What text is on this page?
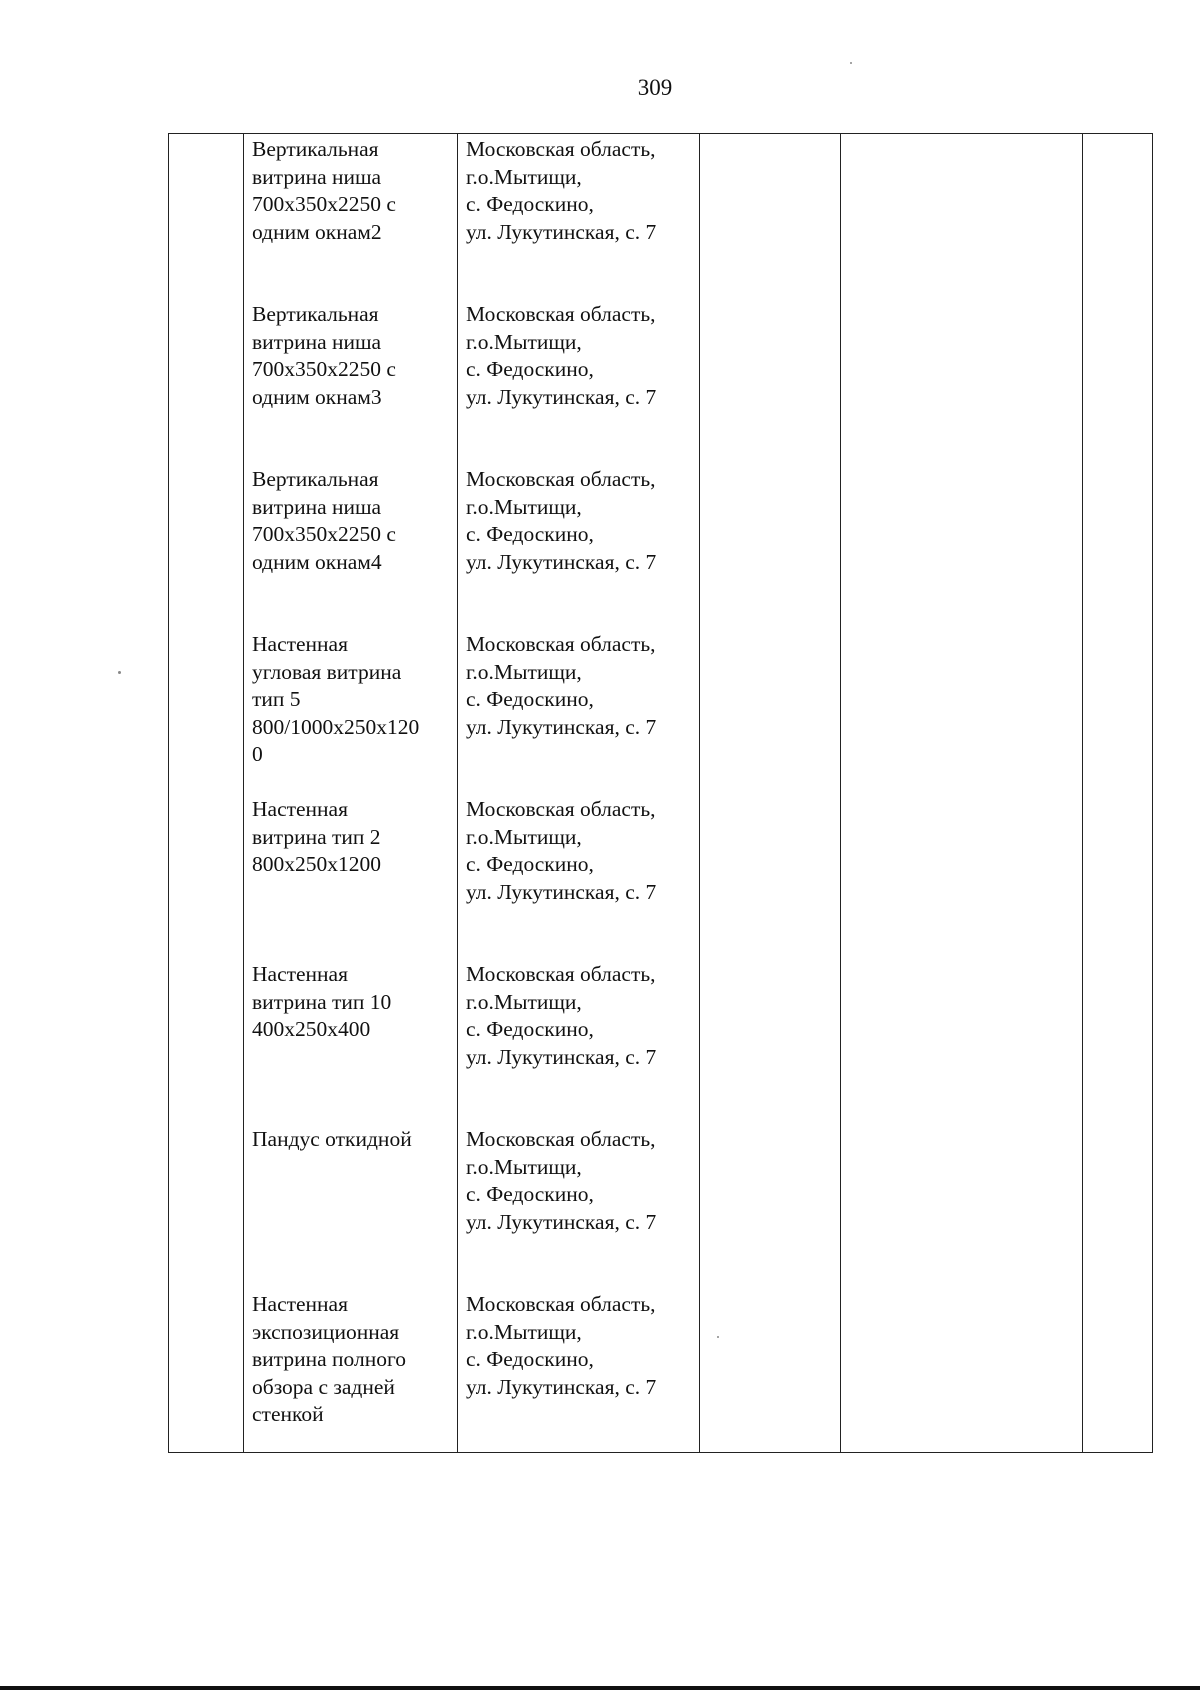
309
Вертикальная
витрина ниша
700x350x2250 с
одним окнам2
Московская область,
г.о.Мытищи,
с. Федоскино,
ул. Лукутинская, с. 7
Вертикальная
витрина ниша
700x350x2250 с
одним окнам3
Московская область,
г.о.Мытищи,
с. Федоскино,
ул. Лукутинская, с. 7
Вертикальная
витрина ниша
700x350x2250 с
одним окнам4
Московская область,
г.о.Мытищи,
с. Федоскино,
ул. Лукутинская, с. 7
Настенная
угловая витрина
тип 5
800/1000x250x120
0
Московская область,
г.о.Мытищи,
с. Федоскино,
ул. Лукутинская, с. 7
Настенная
витрина тип 2
800x250x1200
Московская область,
г.о.Мытищи,
с. Федоскино,
ул. Лукутинская, с. 7
Настенная
витрина тип 10
400x250x400
Московская область,
г.о.Мытищи,
с. Федоскино,
ул. Лукутинская, с. 7
Пандус откидной	Московская область,
г.о.Мытищи,
с. Федоскино,
ул. Лукутинская, с. 7
Настенная
экспозиционная
витрина полного
обзора с задней
стенкой
Московская область,
г.о.Мытищи,
с. Федоскино,
ул. Лукутинская, с. 7
